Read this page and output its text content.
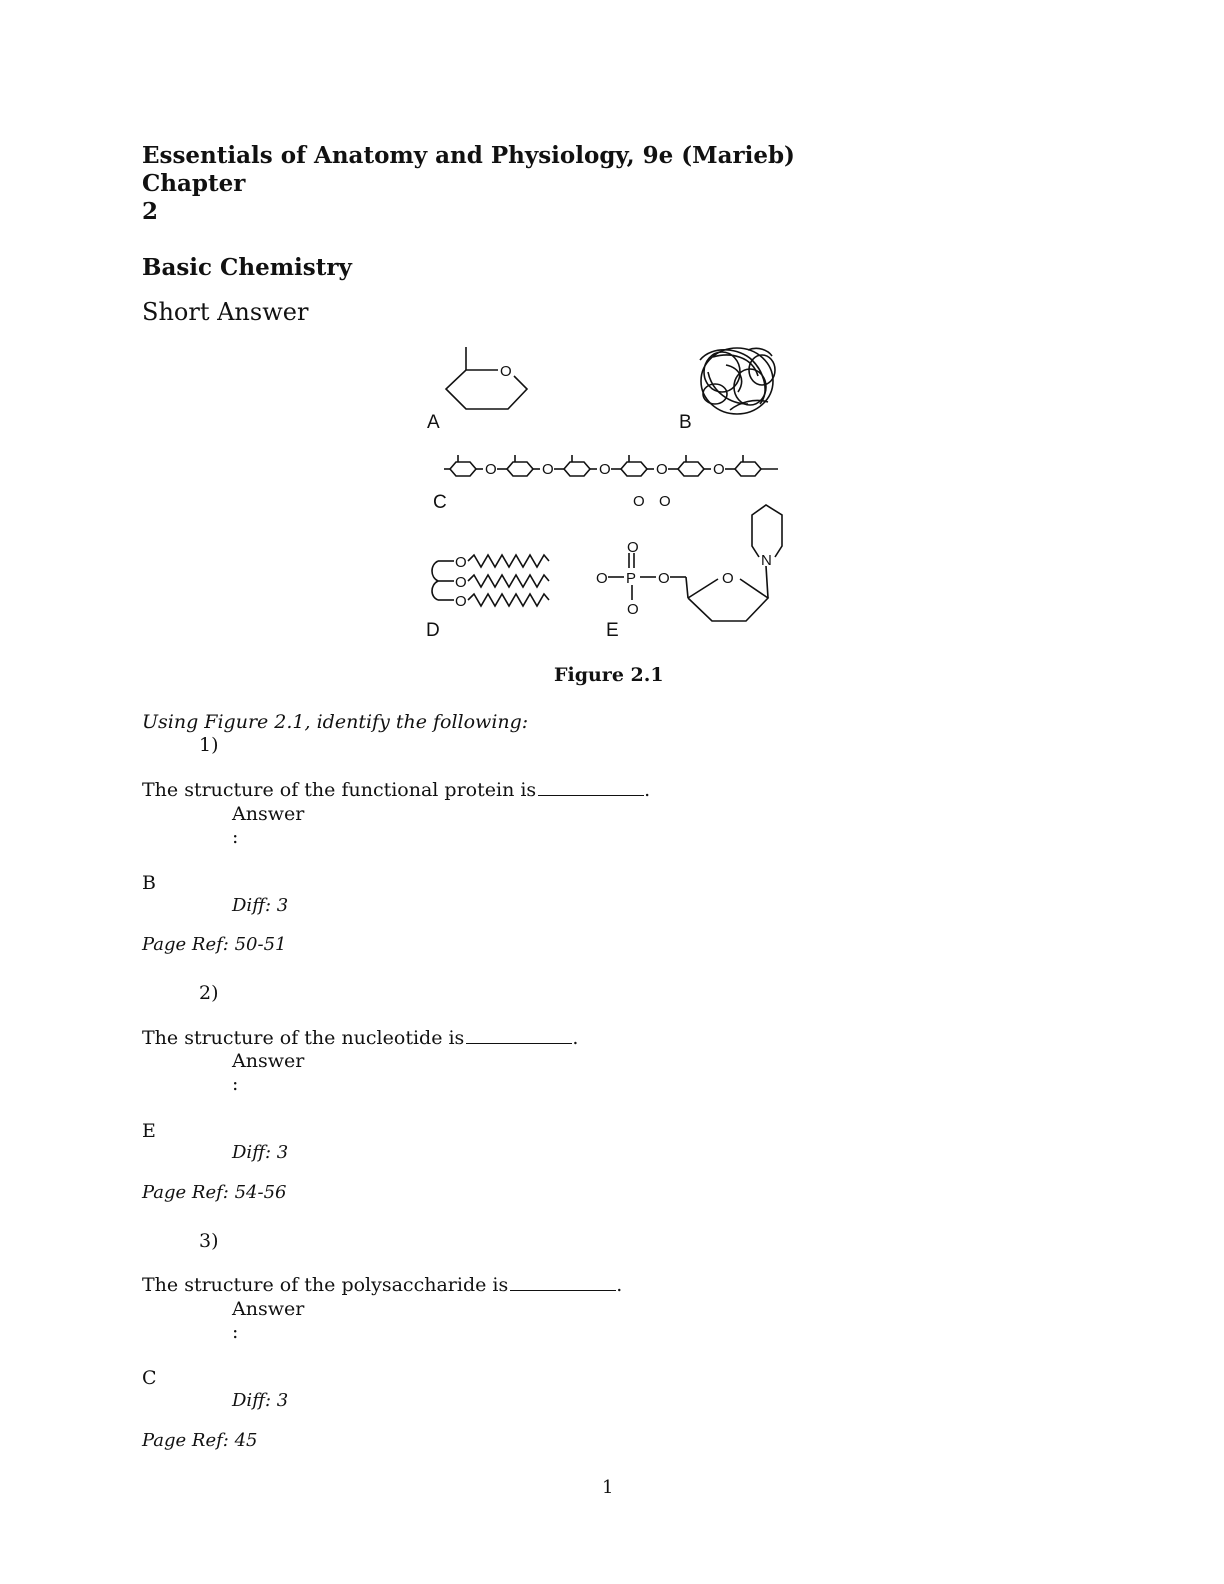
Essentials of Anatomy and Physiology, 9e (Marieb)
Chapter
2
Basic Chemistry
Short Answer
A	B
C
D	E
O
O	O	O	O	O
O O
O
O
O
O
O P O
O
O
N
Figure 2.1
Using Figure 2.1, identify the following:
1)
The structure of the functional protein is	.
Answer
:
B
Diff: 3
Page Ref: 50-51
2)
The structure of the nucleotide is	.
Answer
:
E
Diff: 3
Page Ref: 54-56
3)
The structure of the polysaccharide is	.
Answer
:
C
Diff: 3
Page Ref: 45
1
